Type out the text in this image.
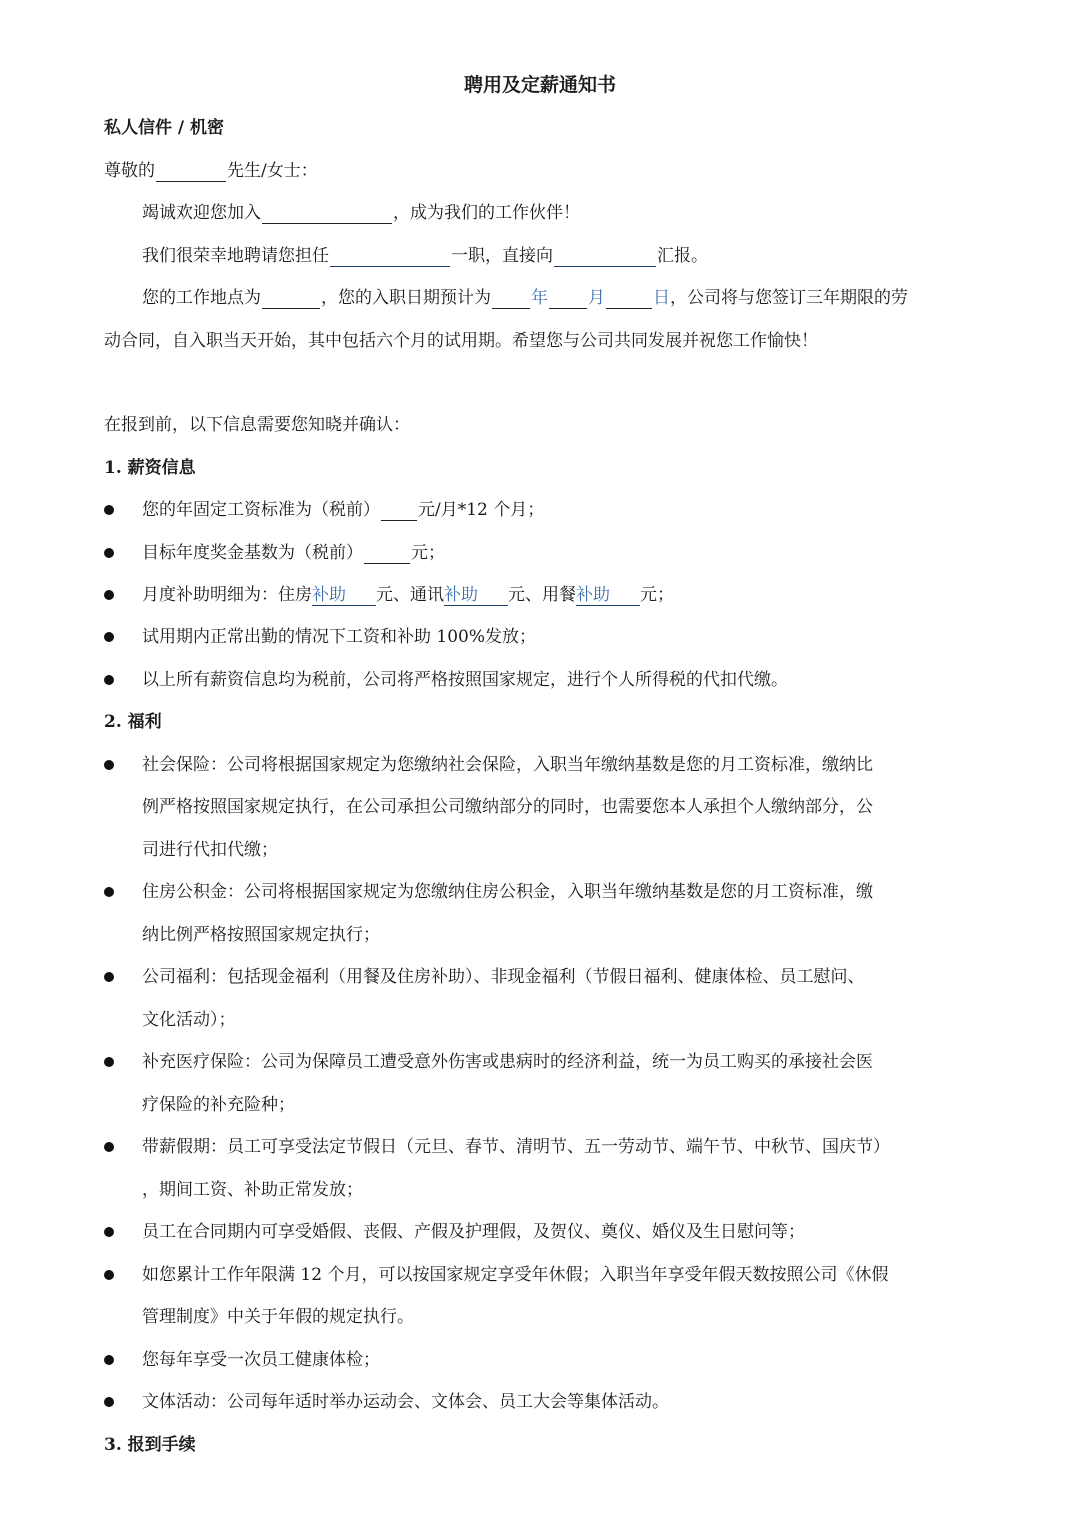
聘用及定薪通知书
私人信件 / 机密
尊敬的	先生/女士：
竭诚欢迎您加入	，成为我们的工作伙伴！
我们很荣幸地聘请您担任	一职，直接向	汇报。
您的工作地点为	，您的入职日期预计为 年 月	日，公司将与您签订三年期限的劳
动合同，自入职当天开始，其中包括六个月的试用期。希望您与公司共同发展并祝您工作愉快！
在报到前，以下信息需要您知晓并确认：
1. 薪资信息
您的年固定工资标准为（税前） 元/月*12 个月；
目标年度奖金基数为（税前）	元；
月度补助明细为：住房补助 元、通讯补助 元、用餐补助 元；
试用期内正常出勤的情况下工资和补助 100%发放；
以上所有薪资信息均为税前，公司将严格按照国家规定，进行个人所得税的代扣代缴。
2. 福利
社会保险：公司将根据国家规定为您缴纳社会保险，入职当年缴纳基数是您的月工资标准，缴纳比
例严格按照国家规定执行，在公司承担公司缴纳部分的同时，也需要您本人承担个人缴纳部分，公
司进行代扣代缴；
住房公积金：公司将根据国家规定为您缴纳住房公积金，入职当年缴纳基数是您的月工资标准，缴
纳比例严格按照国家规定执行；
公司福利：包括现金福利（用餐及住房补助）、非现金福利（节假日福利、健康体检、员工慰问、
文化活动）；
补充医疗保险：公司为保障员工遭受意外伤害或患病时的经济利益，统一为员工购买的承接社会医
疗保险的补充险种；
带薪假期：员工可享受法定节假日（元旦、春节、清明节、五一劳动节、端午节、中秋节、国庆节）
，期间工资、补助正常发放；
员工在合同期内可享受婚假、丧假、产假及护理假，及贺仪、奠仪、婚仪及生日慰问等；
如您累计工作年限满 12 个月，可以按国家规定享受年休假；入职当年享受年假天数按照公司《休假
管理制度》中关于年假的规定执行。
您每年享受一次员工健康体检；
文体活动：公司每年适时举办运动会、文体会、员工大会等集体活动。
3. 报到手续
